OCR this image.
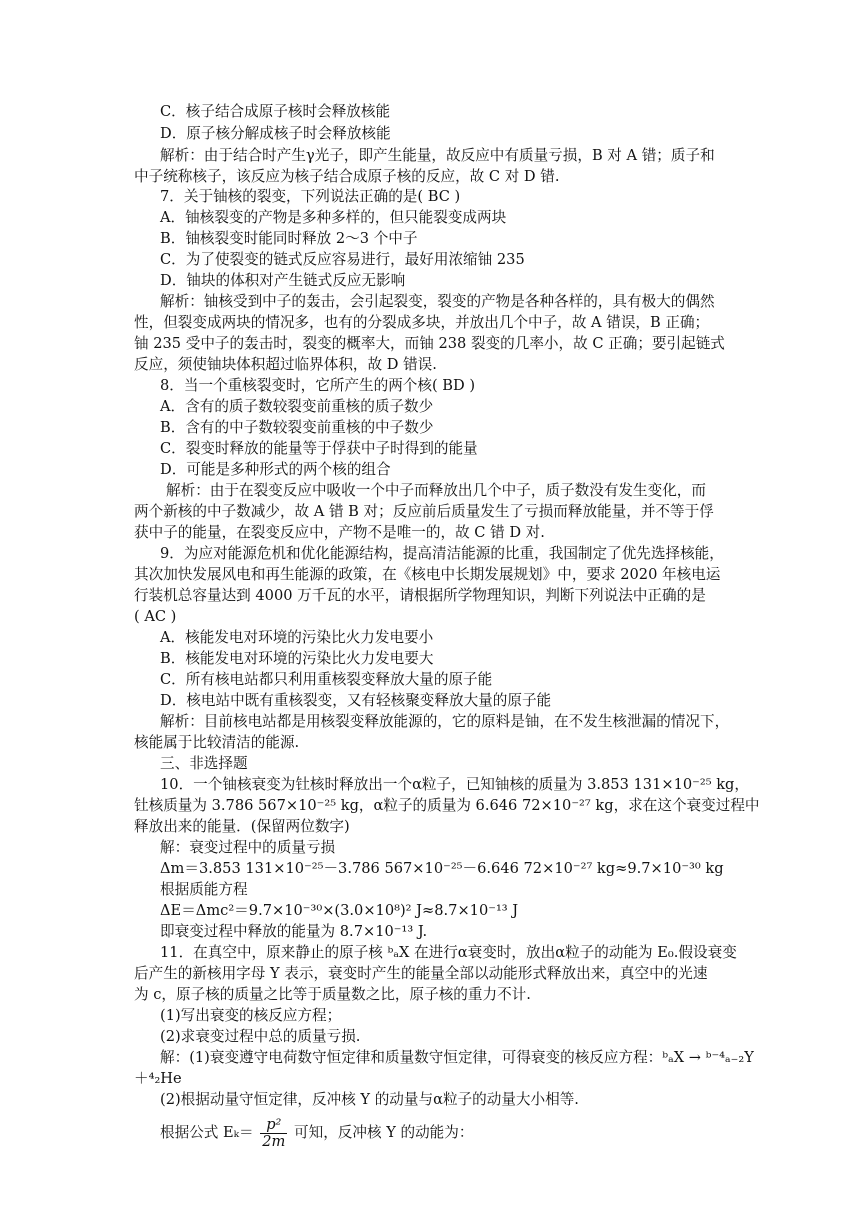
C．核子结合成原子核时会释放核能
D．原子核分解成核子时会释放核能
解析：由于结合时产生γ光子，即产生能量，故反应中有质量亏损，B 对 A 错；质子和
中子统称核子，该反应为核子结合成原子核的反应，故 C 对 D 错.
7．关于铀核的裂变，下列说法正确的是( BC )
A．铀核裂变的产物是多种多样的，但只能裂变成两块
B．铀核裂变时能同时释放 2～3 个中子
C．为了使裂变的链式反应容易进行，最好用浓缩铀 235
D．铀块的体积对产生链式反应无影响
解析：铀核受到中子的轰击，会引起裂变，裂变的产物是各种各样的，具有极大的偶然
性，但裂变成两块的情况多，也有的分裂成多块，并放出几个中子，故 A 错误，B 正确；
铀 235 受中子的轰击时，裂变的概率大，而铀 238 裂变的几率小，故 C 正确；要引起链式
反应，须使铀块体积超过临界体积，故 D 错误.
8．当一个重核裂变时，它所产生的两个核( BD )
A．含有的质子数较裂变前重核的质子数少
B．含有的中子数较裂变前重核的中子数少
C．裂变时释放的能量等于俘获中子时得到的能量
D．可能是多种形式的两个核的组合
解析：由于在裂变反应中吸收一个中子而释放出几个中子，质子数没有发生变化，而
两个新核的中子数减少，故 A 错 B 对；反应前后质量发生了亏损而释放能量，并不等于俘
获中子的能量，在裂变反应中，产物不是唯一的，故 C 错 D 对.
9．为应对能源危机和优化能源结构，提高清洁能源的比重，我国制定了优先选择核能，
其次加快发展风电和再生能源的政策，在《核电中长期发展规划》中，要求 2020 年核电运
行装机总容量达到 4000 万千瓦的水平，请根据所学物理知识，判断下列说法中正确的是
( AC )
A．核能发电对环境的污染比火力发电要小
B．核能发电对环境的污染比火力发电要大
C．所有核电站都只利用重核裂变释放大量的原子能
D．核电站中既有重核裂变，又有轻核聚变释放大量的原子能
解析：目前核电站都是用核裂变释放能源的，它的原料是铀，在不发生核泄漏的情况下，
核能属于比较清洁的能源.
三、非选择题
10．一个铀核衰变为钍核时释放出一个α粒子，已知铀核的质量为 3.853 131×10⁻²⁵ kg，
钍核质量为 3.786 567×10⁻²⁵ kg，α粒子的质量为 6.646 72×10⁻²⁷ kg，求在这个衰变过程中
释放出来的能量．(保留两位数字)
解：衰变过程中的质量亏损
Δm＝3.853 131×10⁻²⁵－3.786 567×10⁻²⁵－6.646 72×10⁻²⁷ kg≈9.7×10⁻³⁰ kg
根据质能方程
ΔE＝Δmc²＝9.7×10⁻³⁰×(3.0×10⁸)² J≈8.7×10⁻¹³ J
即衰变过程中释放的能量为 8.7×10⁻¹³ J.
11．在真空中，原来静止的原子核 ᵇₐX 在进行α衰变时，放出α粒子的动能为 E₀.假设衰变
后产生的新核用字母 Y 表示，衰变时产生的能量全部以动能形式释放出来，真空中的光速
为 c，原子核的质量之比等于质量数之比，原子核的重力不计.
(1)写出衰变的核反应方程；
(2)求衰变过程中总的质量亏损.
解：(1)衰变遵守电荷数守恒定律和质量数守恒定律，可得衰变的核反应方程：ᵇₐX → ᵇ⁻⁴ₐ₋₂Y
＋⁴₂He
(2)根据动量守恒定律，反冲核 Y 的动量与α粒子的动量大小相等.
根据公式 $E_k= \frac{\text{p²}}{2m}$ 可知，反冲核 Y 的动能为：
